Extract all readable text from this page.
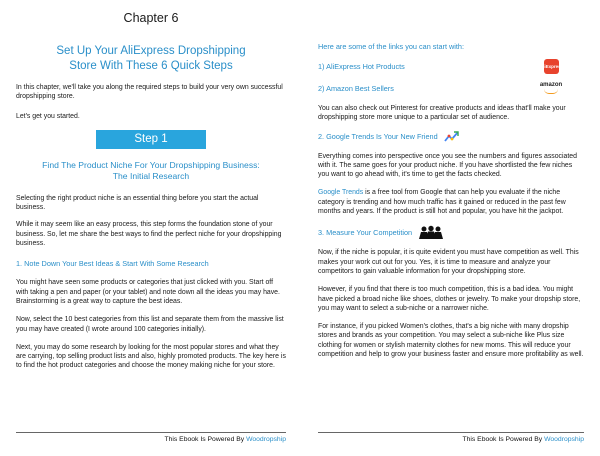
Chapter 6
Set Up Your AliExpress Dropshipping
Store With These 6 Quick Steps

In this chapter, we'll take you along the required steps to build your very own successful dropshipping store.

Let's get you started.

Step 1
Find The Product Niche For Your Dropshipping Business:
The Initial Research

Selecting the right product niche is an essential thing before you start the actual business.

While it may seem like an easy process, this step forms the foundation stone of your business. So, let me share the best ways to find the perfect niche for your dropshipping business.

1. Note Down Your Best Ideas & Start With Some Research

You might have seen some products or categories that just clicked with you. Start off with taking a pen and paper (or your tablet) and note down all the ideas you may have. Brainstorming is a great way to capture the best ideas.

Now, select the 10 best categories from this list and separate them from the massive list you may have created (I wrote around 100 categories initially).

Next, you may do some research by looking for the most popular stores and what they are carrying, top selling product lists and also, highly promoted products. The key here is to find the hot product categories and choose the money making niche for your store.

This Ebook Is Powered By Woodropship
Here are some of the links you can start with:
1) AliExpress Hot Products	AliExpress
2) Amazon Best Sellers	amazon

You can also check out Pinterest for creative products and ideas that'll make your dropshipping store more unique to a particular set of audience.

2. Google Trends Is Your New Friend

Everything comes into perspective once you see the numbers and figures associated with it. The same goes for your product niche. If you have shortlisted the few niches you want to go ahead with, it's time to get the facts checked.

Google Trends is a free tool from Google that can help you evaluate if the niche category is trending and how much traffic has it gained or reduced in the past few months and years. If the product is still hot and popular, you have hit the jackpot.

3. Measure Your Competition

Now, if the niche is popular, it is quite evident you must have competition as well. This makes your work cut out for you. Yes, it is time to measure and analyze your competitors to gain valuable information for your dropshipping store.

However, if you find that there is too much competition, this is a bad idea. You might have picked a broad niche like shoes, clothes or jewelry. To make your dropship store, you may want to select a sub-niche or a narrower niche.

For instance, if you picked Women's clothes, that's a big niche with many dropship stores and brands as your competition. You may select a sub-niche like Plus size clothing for women or stylish maternity clothes for new moms. This will reduce your competition and help to grow your business faster and ensure more profitability as well.

This Ebook Is Powered By Woodropship
